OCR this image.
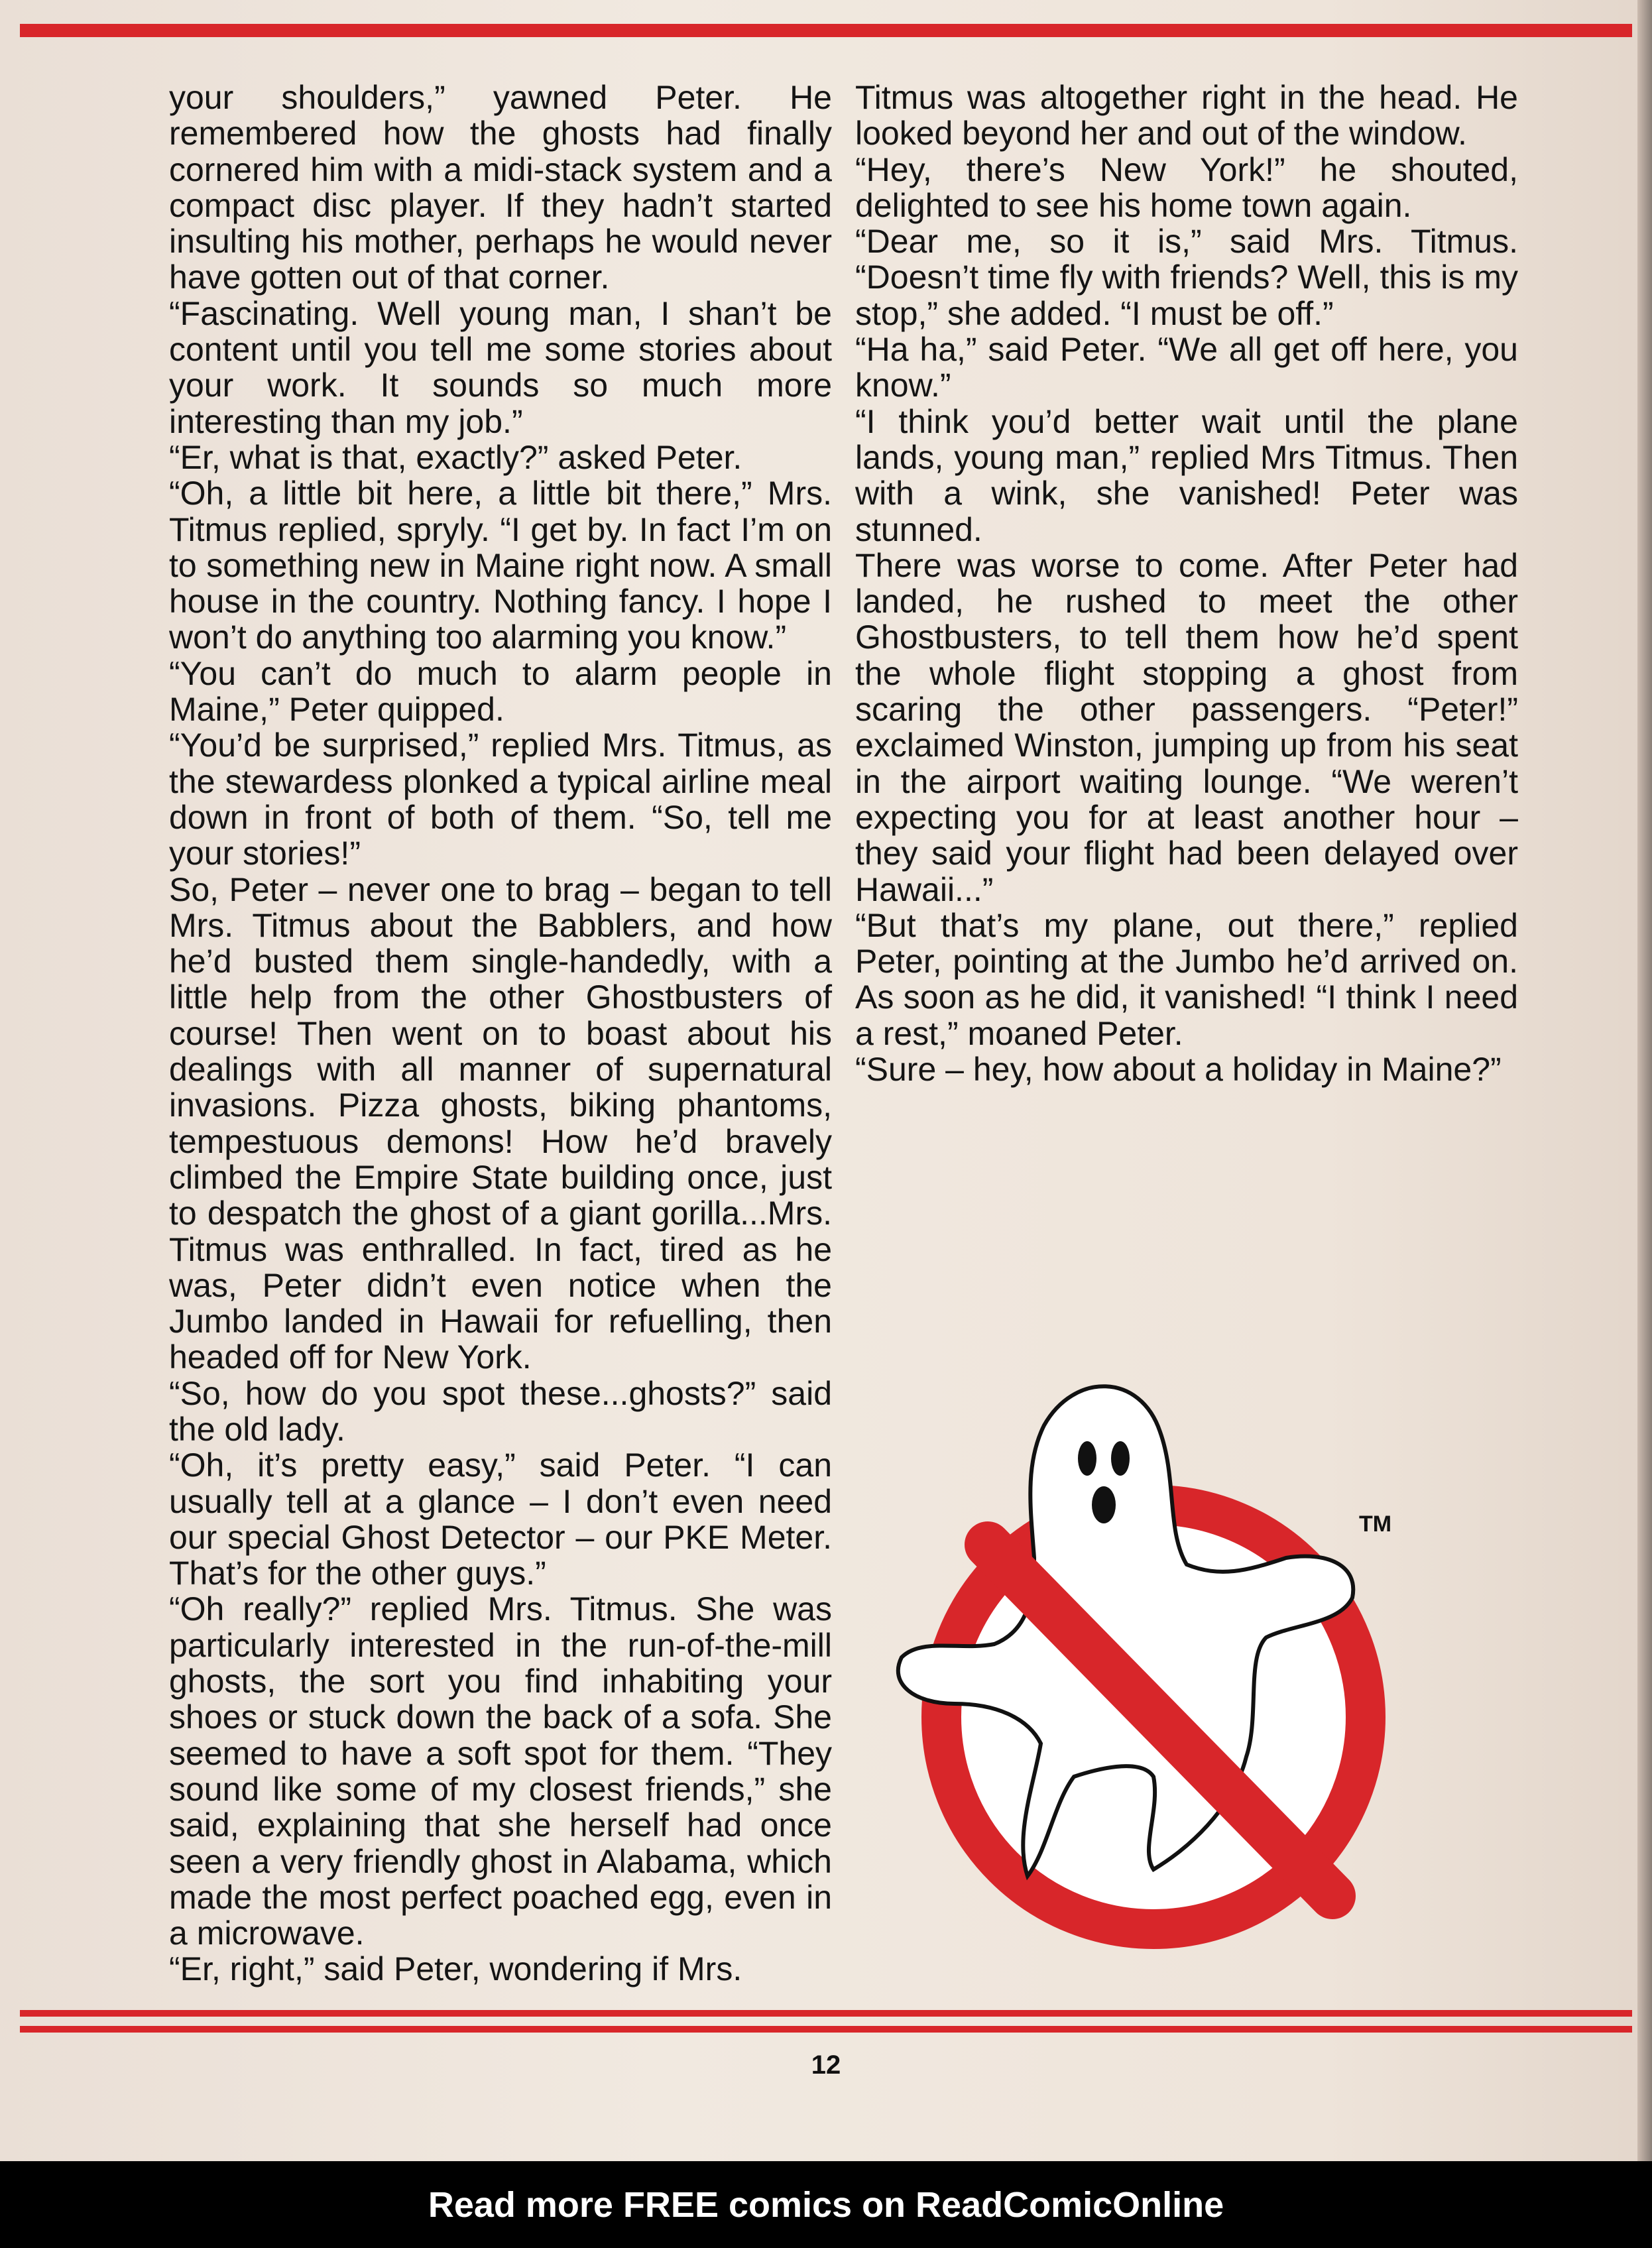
your shoulders,” yawned Peter. He remembered how the ghosts had finally cornered him with a midi-stack system and a compact disc player. If they hadn’t started insulting his mother, perhaps he would never have gotten out of that corner.

“Fascinating. Well young man, I shan’t be content until you tell me some stories about your work. It sounds so much more interesting than my job.”

“Er, what is that, exactly?” asked Peter.

“Oh, a little bit here, a little bit there,” Mrs. Titmus replied, spryly. “I get by. In fact I’m on to something new in Maine right now. A small house in the country. Nothing fancy. I hope I won’t do anything too alarming you know.”

“You can’t do much to alarm people in Maine,” Peter quipped.

“You’d be surprised,” replied Mrs. Titmus, as the stewardess plonked a typical airline meal down in front of both of them. “So, tell me your stories!”

So, Peter – never one to brag – began to tell Mrs. Titmus about the Babblers, and how he’d busted them single-handedly, with a little help from the other Ghostbusters of course! Then went on to boast about his dealings with all manner of supernatural invasions. Pizza ghosts, biking phantoms, tempestuous demons! How he’d bravely climbed the Empire State building once, just to despatch the ghost of a giant gorilla...Mrs. Titmus was enthralled. In fact, tired as he was, Peter didn’t even notice when the Jumbo landed in Hawaii for refuelling, then headed off for New York.

“So, how do you spot these...ghosts?” said the old lady.

“Oh, it’s pretty easy,” said Peter. “I can usually tell at a glance – I don’t even need our special Ghost Detector – our PKE Meter. That’s for the other guys.”

“Oh really?” replied Mrs. Titmus. She was particularly interested in the run-of-the-mill ghosts, the sort you find inhabiting your shoes or stuck down the back of a sofa. She seemed to have a soft spot for them. “They sound like some of my closest friends,” she said, explaining that she herself had once seen a very friendly ghost in Alabama, which made the most perfect poached egg, even in a microwave.

“Er, right,” said Peter, wondering if Mrs.

Titmus was altogether right in the head. He looked beyond her and out of the window.

“Hey, there’s New York!” he shouted, delighted to see his home town again.

“Dear me, so it is,” said Mrs. Titmus. “Doesn’t time fly with friends? Well, this is my stop,” she added. “I must be off.”

“Ha ha,” said Peter. “We all get off here, you know.”

“I think you’d better wait until the plane lands, young man,” replied Mrs Titmus. Then with a wink, she vanished! Peter was stunned.

There was worse to come. After Peter had landed, he rushed to meet the other Ghostbusters, to tell them how he’d spent the whole flight stopping a ghost from scaring the other passengers. “Peter!” exclaimed Winston, jumping up from his seat in the airport waiting lounge. “We weren’t expecting you for at least another hour – they said your flight had been delayed over Hawaii...”

“But that’s my plane, out there,” replied Peter, pointing at the Jumbo he’d arrived on. As soon as he did, it vanished! “I think I need a rest,” moaned Peter.

“Sure – hey, how about a holiday in Maine?”

TM
12
Read more FREE comics on ReadComicOnline
